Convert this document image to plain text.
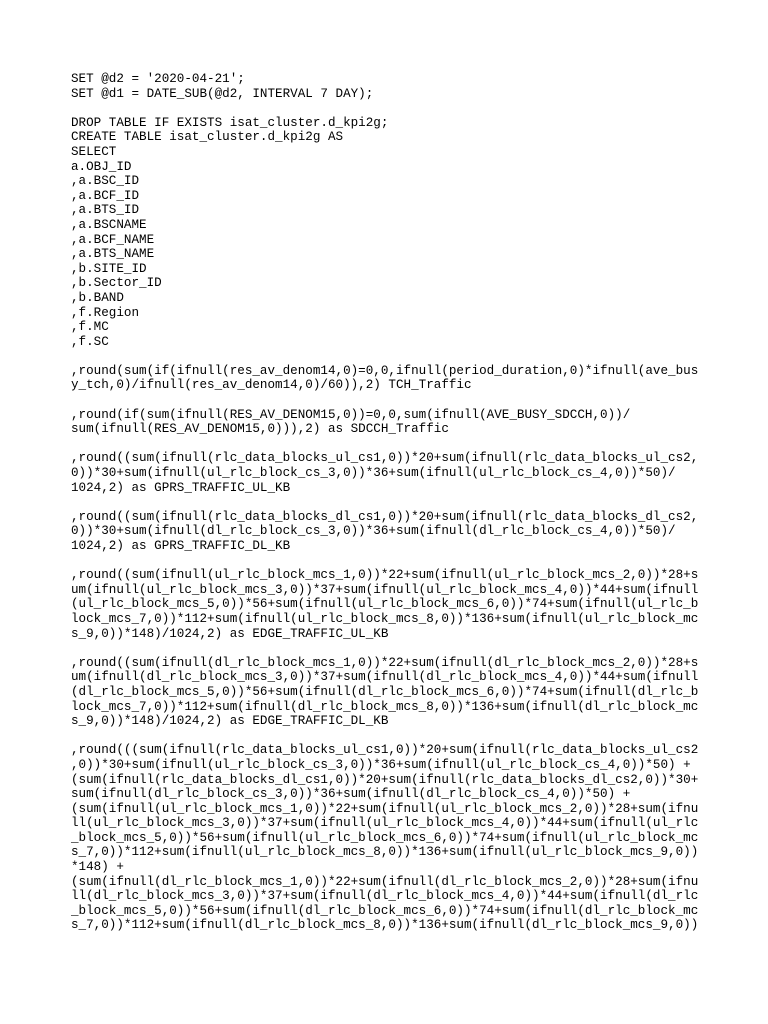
SET @d2 = '2020-04-21';
SET @d1 = DATE_SUB(@d2, INTERVAL 7 DAY);
DROP TABLE IF EXISTS isat_cluster.d_kpi2g;
CREATE TABLE isat_cluster.d_kpi2g AS
SELECT
a.OBJ_ID
,a.BSC_ID
,a.BCF_ID
,a.BTS_ID
,a.BSCNAME
,a.BCF_NAME
,a.BTS_NAME
,b.SITE_ID
,b.Sector_ID
,b.BAND
,f.Region
,f.MC
,f.SC
,round(sum(if(ifnull(res_av_denom14,0)=0,0,ifnull(period_duration,0)*ifnull(ave_bus
y_tch,0)/ifnull(res_av_denom14,0)/60)),2) TCH_Traffic
,round(if(sum(ifnull(RES_AV_DENOM15,0))=0,0,sum(ifnull(AVE_BUSY_SDCCH,0))/
sum(ifnull(RES_AV_DENOM15,0))),2) as SDCCH_Traffic
,round((sum(ifnull(rlc_data_blocks_ul_cs1,0))*20+sum(ifnull(rlc_data_blocks_ul_cs2,
0))*30+sum(ifnull(ul_rlc_block_cs_3,0))*36+sum(ifnull(ul_rlc_block_cs_4,0))*50)/
1024,2) as GPRS_TRAFFIC_UL_KB
,round((sum(ifnull(rlc_data_blocks_dl_cs1,0))*20+sum(ifnull(rlc_data_blocks_dl_cs2,
0))*30+sum(ifnull(dl_rlc_block_cs_3,0))*36+sum(ifnull(dl_rlc_block_cs_4,0))*50)/
1024,2) as GPRS_TRAFFIC_DL_KB
,round((sum(ifnull(ul_rlc_block_mcs_1,0))*22+sum(ifnull(ul_rlc_block_mcs_2,0))*28+s
um(ifnull(ul_rlc_block_mcs_3,0))*37+sum(ifnull(ul_rlc_block_mcs_4,0))*44+sum(ifnull
(ul_rlc_block_mcs_5,0))*56+sum(ifnull(ul_rlc_block_mcs_6,0))*74+sum(ifnull(ul_rlc_b
lock_mcs_7,0))*112+sum(ifnull(ul_rlc_block_mcs_8,0))*136+sum(ifnull(ul_rlc_block_mc
s_9,0))*148)/1024,2) as EDGE_TRAFFIC_UL_KB
,round((sum(ifnull(dl_rlc_block_mcs_1,0))*22+sum(ifnull(dl_rlc_block_mcs_2,0))*28+s
um(ifnull(dl_rlc_block_mcs_3,0))*37+sum(ifnull(dl_rlc_block_mcs_4,0))*44+sum(ifnull
(dl_rlc_block_mcs_5,0))*56+sum(ifnull(dl_rlc_block_mcs_6,0))*74+sum(ifnull(dl_rlc_b
lock_mcs_7,0))*112+sum(ifnull(dl_rlc_block_mcs_8,0))*136+sum(ifnull(dl_rlc_block_mc
s_9,0))*148)/1024,2) as EDGE_TRAFFIC_DL_KB
,round(((sum(ifnull(rlc_data_blocks_ul_cs1,0))*20+sum(ifnull(rlc_data_blocks_ul_cs2
,0))*30+sum(ifnull(ul_rlc_block_cs_3,0))*36+sum(ifnull(ul_rlc_block_cs_4,0))*50) +
(sum(ifnull(rlc_data_blocks_dl_cs1,0))*20+sum(ifnull(rlc_data_blocks_dl_cs2,0))*30+
sum(ifnull(dl_rlc_block_cs_3,0))*36+sum(ifnull(dl_rlc_block_cs_4,0))*50) +
(sum(ifnull(ul_rlc_block_mcs_1,0))*22+sum(ifnull(ul_rlc_block_mcs_2,0))*28+sum(ifnu
ll(ul_rlc_block_mcs_3,0))*37+sum(ifnull(ul_rlc_block_mcs_4,0))*44+sum(ifnull(ul_rlc
_block_mcs_5,0))*56+sum(ifnull(ul_rlc_block_mcs_6,0))*74+sum(ifnull(ul_rlc_block_mc
s_7,0))*112+sum(ifnull(ul_rlc_block_mcs_8,0))*136+sum(ifnull(ul_rlc_block_mcs_9,0))
*148) +
(sum(ifnull(dl_rlc_block_mcs_1,0))*22+sum(ifnull(dl_rlc_block_mcs_2,0))*28+sum(ifnu
ll(dl_rlc_block_mcs_3,0))*37+sum(ifnull(dl_rlc_block_mcs_4,0))*44+sum(ifnull(dl_rlc
_block_mcs_5,0))*56+sum(ifnull(dl_rlc_block_mcs_6,0))*74+sum(ifnull(dl_rlc_block_mc
s_7,0))*112+sum(ifnull(dl_rlc_block_mcs_8,0))*136+sum(ifnull(dl_rlc_block_mcs_9,0))
